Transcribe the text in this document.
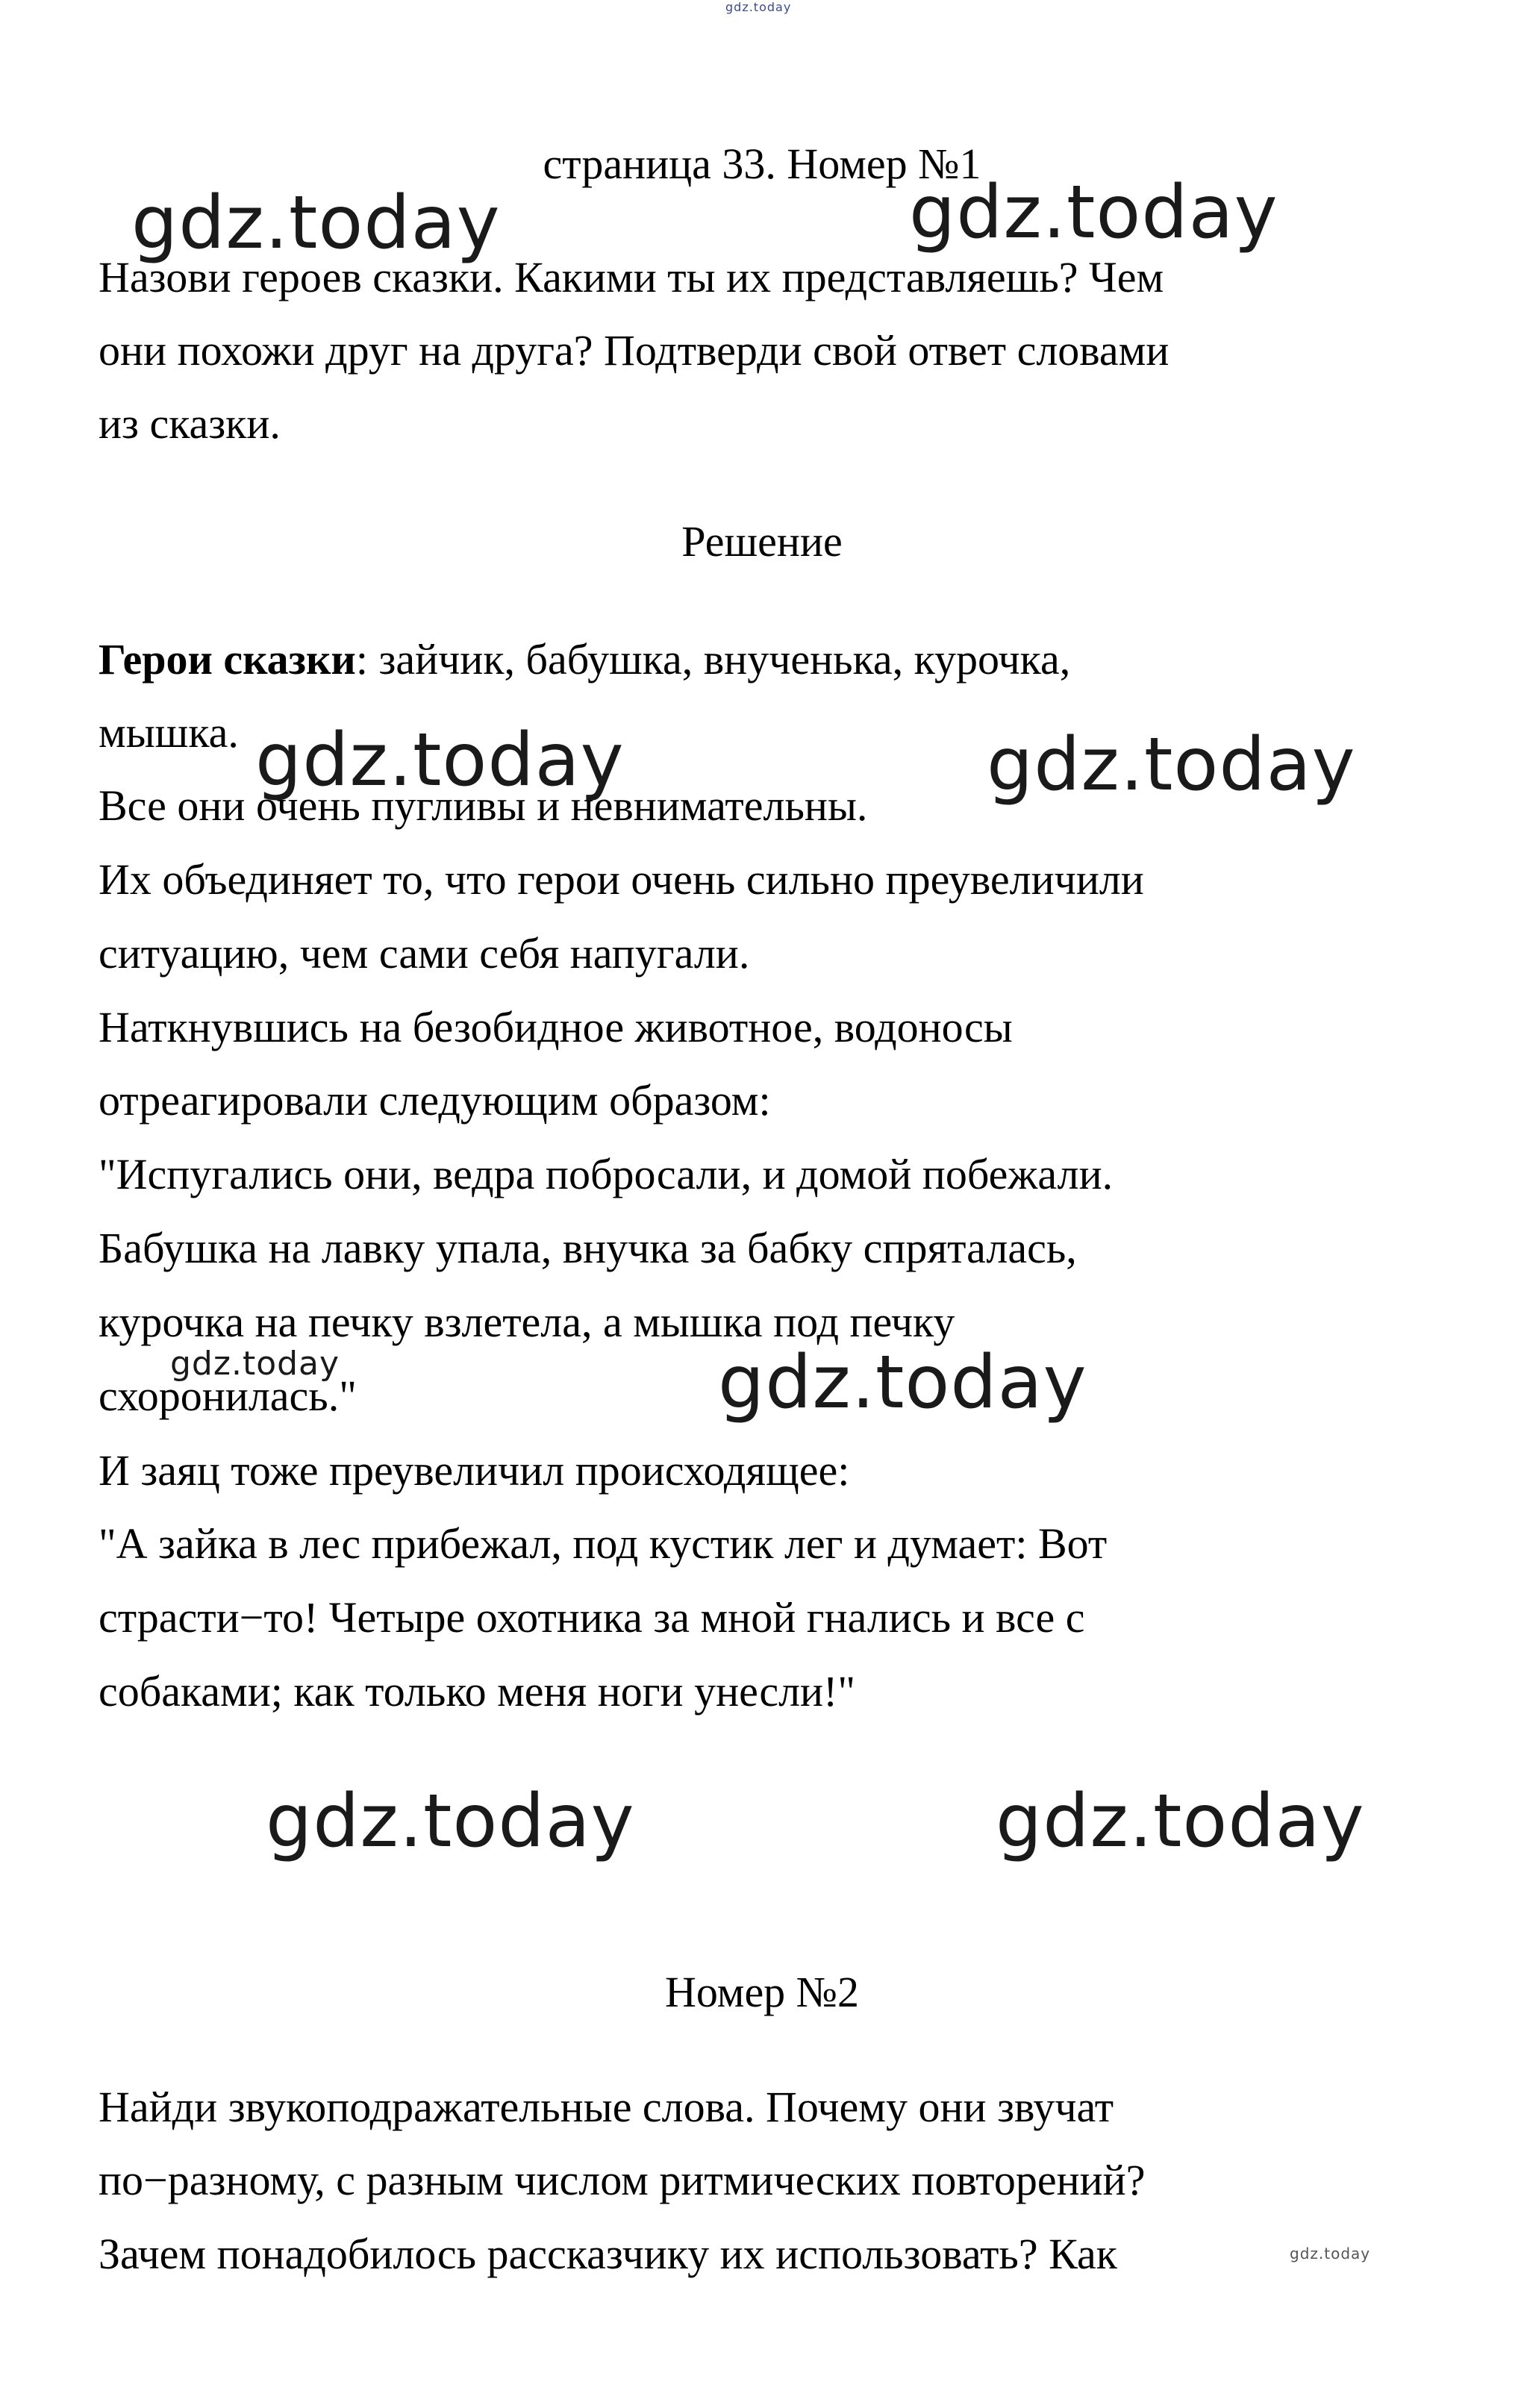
gdz.today
страница 33. Номер №1
Назови героев сказки. Какими ты их представляешь? Чем
они похожи друг на друга? Подтверди свой ответ словами
из сказки.
Решение
Герои сказки: зайчик, бабушка, внученька, курочка,
мышка.
Все они очень пугливы и невнимательны.
Их объединяет то, что герои очень сильно преувеличили
ситуацию, чем сами себя напугали.
Наткнувшись на безобидное животное, водоносы
отреагировали следующим образом:
"Испугались они, ведра побросали, и домой побежали.
Бабушка на лавку упала, внучка за бабку спряталась,
курочка на печку взлетела, а мышка под печку
схоронилась."
И заяц тоже преувеличил происходящее:
"А зайка в лес прибежал, под кустик лег и думает: Вот
страсти−то! Четыре охотника за мной гнались и все с
собаками; как только меня ноги унесли!"
Номер №2
Найди звукоподражательные слова. Почему они звучат
по−разному, с разным числом ритмических повторений?
Зачем понадобилось рассказчику их использовать? Как
gdz.today	gdz.today
gdz.today	gdz.today
gdz.today	gdz.today
gdz.today	gdz.today
gdz.today
